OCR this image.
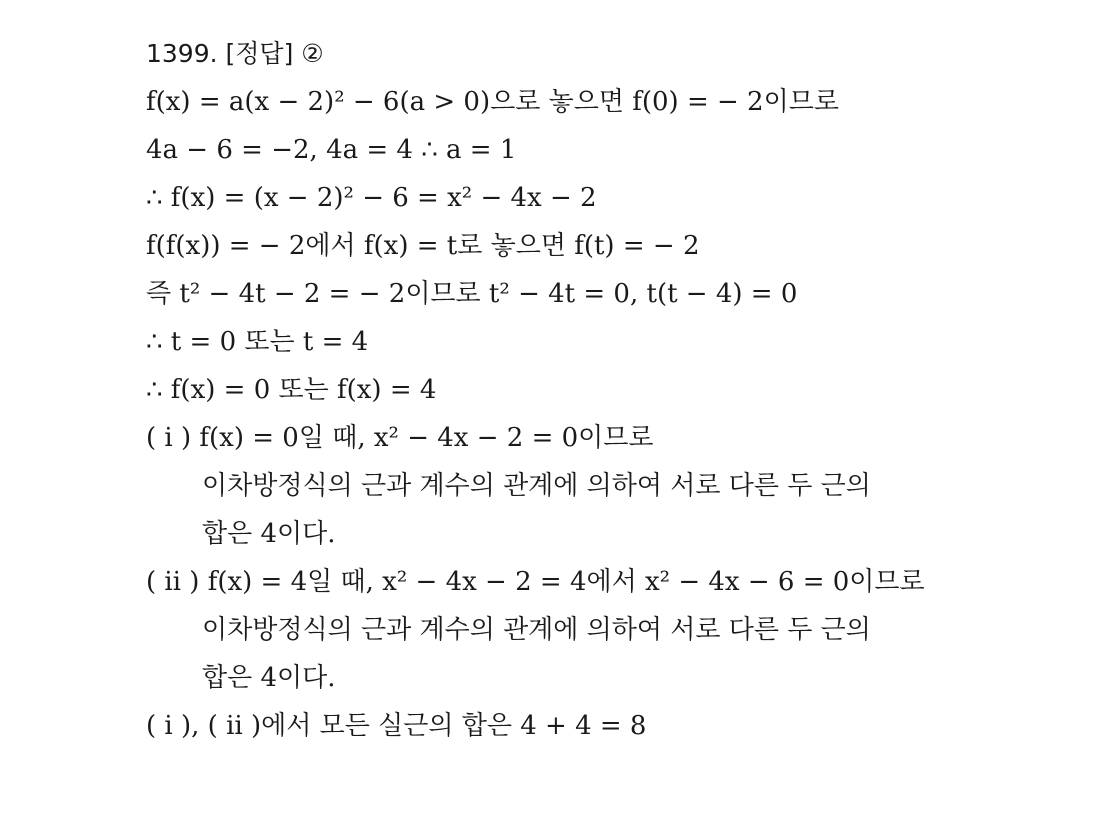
1399. [정답] ②
f(x) = a(x − 2)² − 6(a > 0)으로 놓으면 f(0) = − 2이므로
4a − 6 = −2, 4a = 4 ∴ a = 1
∴ f(x) = (x − 2)² − 6 = x² − 4x − 2
f(f(x)) = − 2에서 f(x) = t로 놓으면 f(t) = − 2
즉 t² − 4t − 2 = − 2이므로 t² − 4t = 0, t(t − 4) = 0
∴ t = 0 또는 t = 4
∴ f(x) = 0 또는 f(x) = 4
( ⅰ ) f(x) = 0일 때, x² − 4x − 2 = 0이므로
이차방정식의 근과 계수의 관계에 의하여 서로 다른 두 근의
합은 4이다.
( ⅱ ) f(x) = 4일 때, x² − 4x − 2 = 4에서 x² − 4x − 6 = 0이므로
이차방정식의 근과 계수의 관계에 의하여 서로 다른 두 근의
합은 4이다.
( ⅰ ), ( ⅱ )에서 모든 실근의 합은 4 + 4 = 8
